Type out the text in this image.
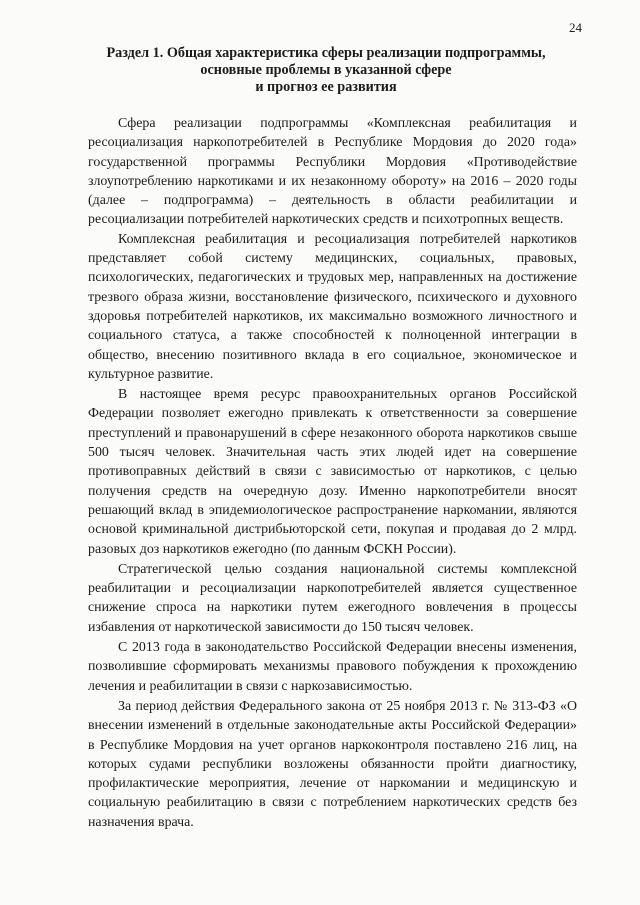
24
Раздел 1. Общая характеристика сферы реализации подпрограммы,
основные проблемы в указанной сфере
и прогноз ее развития

Сфера реализации подпрограммы «Комплексная реабилитация и ресоциализация наркопотребителей в Республике Мордовия до 2020 года» государственной программы Республики Мордовия «Противодействие злоупотреблению наркотиками и их незаконному обороту» на 2016 – 2020 годы (далее – подпрограмма) – деятельность в области реабилитации и ресоциализации потребителей наркотических средств и психотропных веществ.

Комплексная реабилитация и ресоциализация потребителей наркотиков представляет собой систему медицинских, социальных, правовых, психологических, педагогических и трудовых мер, направленных на достижение трезвого образа жизни, восстановление физического, психического и духовного здоровья потребителей наркотиков, их максимально возможного личностного и социального статуса, а также способностей к полноценной интеграции в общество, внесению позитивного вклада в его социальное, экономическое и культурное развитие.

В настоящее время ресурс правоохранительных органов Российской Федерации позволяет ежегодно привлекать к ответственности за совершение преступлений и правонарушений в сфере незаконного оборота наркотиков свыше 500 тысяч человек. Значительная часть этих людей идет на совершение противоправных действий в связи с зависимостью от наркотиков, с целью получения средств на очередную дозу. Именно наркопотребители вносят решающий вклад в эпидемиологическое распространение наркомании, являются основой криминальной дистрибьюторской сети, покупая и продавая до 2 млрд. разовых доз наркотиков ежегодно (по данным ФСКН России).

Стратегической целью создания национальной системы комплексной реабилитации и ресоциализации наркопотребителей является существенное снижение спроса на наркотики путем ежегодного вовлечения в процессы избавления от наркотической зависимости до 150 тысяч человек.

С 2013 года в законодательство Российской Федерации внесены изменения, позволившие сформировать механизмы правового побуждения к прохождению лечения и реабилитации в связи с наркозависимостью.

За период действия Федерального закона от 25 ноября 2013 г. № 313-ФЗ «О внесении изменений в отдельные законодательные акты Российской Федерации» в Республике Мордовия на учет органов наркоконтроля поставлено 216 лиц, на которых судами республики возложены обязанности пройти диагностику, профилактические мероприятия, лечение от наркомании и медицинскую и социальную реабилитацию в связи с потреблением наркотических средств без назначения врача.
